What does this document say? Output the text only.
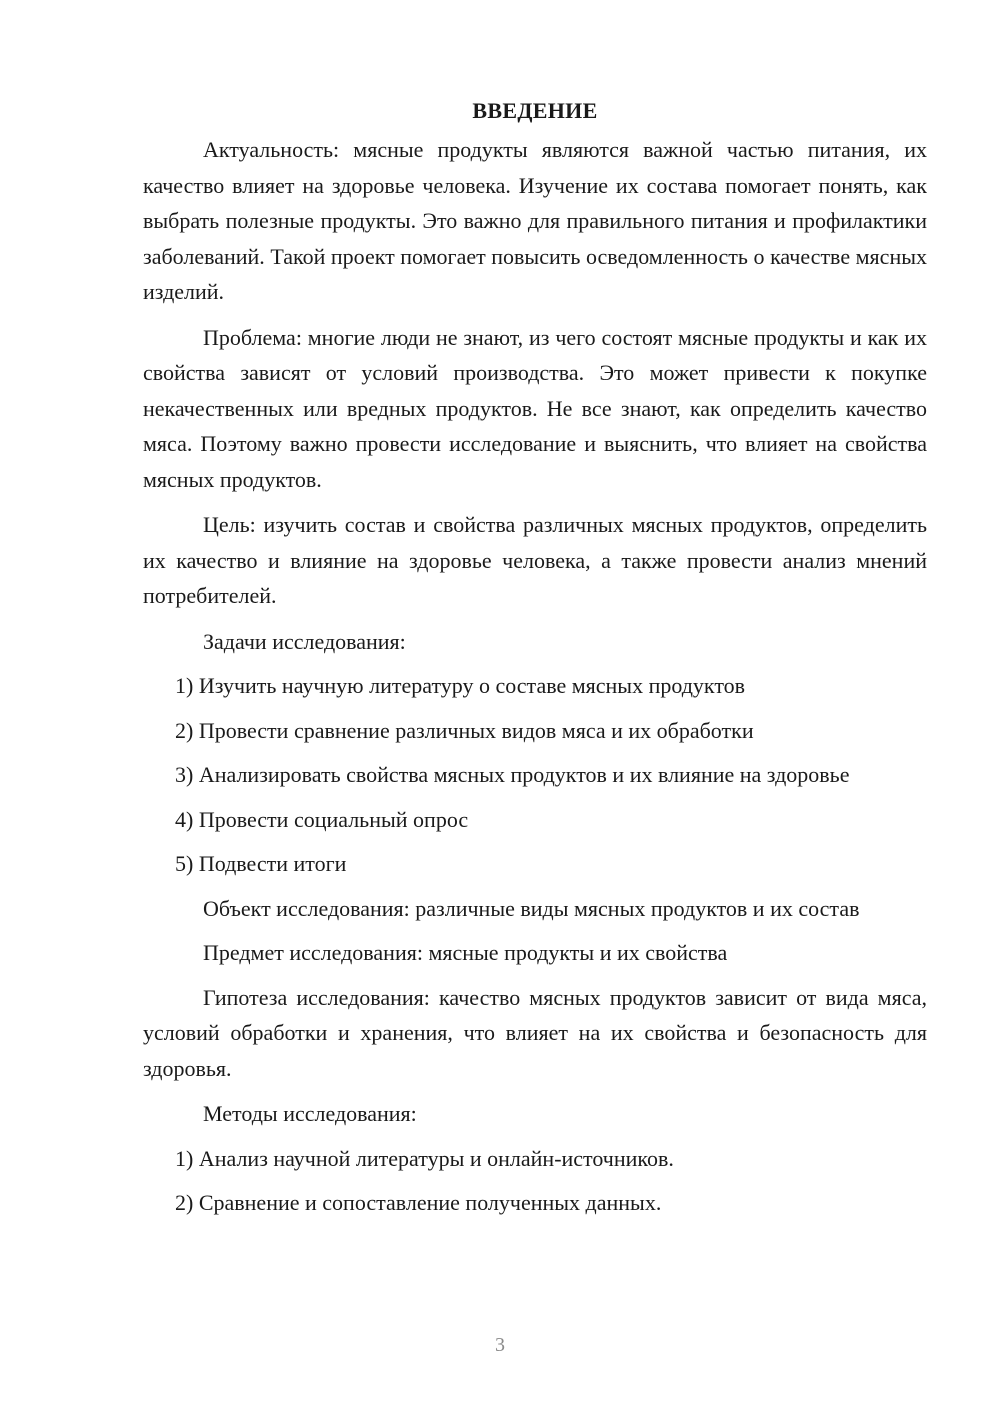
ВВЕДЕНИЕ

Актуальность: мясные продукты являются важной частью питания, их качество влияет на здоровье человека. Изучение их состава помогает понять, как выбрать полезные продукты. Это важно для правильного питания и профилактики заболеваний. Такой проект помогает повысить осведомленность о качестве мясных изделий.

Проблема: многие люди не знают, из чего состоят мясные продукты и как их свойства зависят от условий производства. Это может привести к покупке некачественных или вредных продуктов. Не все знают, как определить качество мяса. Поэтому важно провести исследование и выяснить, что влияет на свойства мясных продуктов.

Цель: изучить состав и свойства различных мясных продуктов, определить их качество и влияние на здоровье человека, а также провести анализ мнений потребителей.

Задачи исследования:

1) Изучить научную литературу о составе мясных продуктов

2) Провести сравнение различных видов мяса и их обработки

3) Анализировать свойства мясных продуктов и их влияние на здоровье

4) Провести социальный опрос

5) Подвести итоги

Объект исследования: различные виды мясных продуктов и их состав

Предмет исследования: мясные продукты и их свойства

Гипотеза исследования: качество мясных продуктов зависит от вида мяса, условий обработки и хранения, что влияет на их свойства и безопасность для здоровья.

Методы исследования:

1) Анализ научной литературы и онлайн-источников.

2) Сравнение и сопоставление полученных данных.

3
